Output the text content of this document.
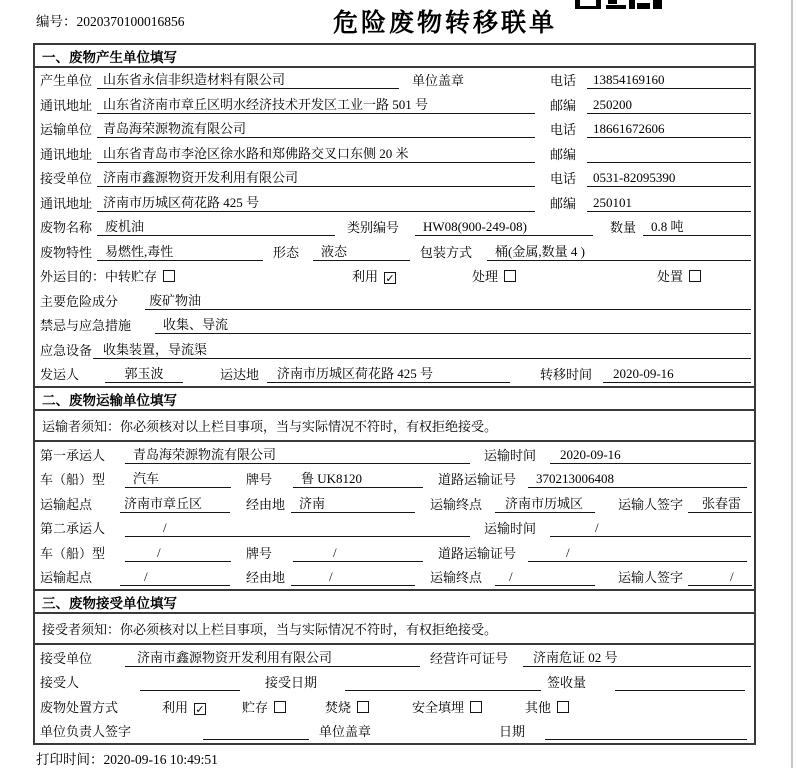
编号：2020370100016856	危险废物转移联单
一、废物产生单位填写
产生单位 山东省永信非织造材料有限公司	单位盖章	电话	13854169160
通讯地址 山东省济南市章丘区明水经济技术开发区工业一路 501 号	邮编	250200
运输单位 青岛海荣源物流有限公司	电话	18661672606
通讯地址 山东省青岛市李沧区徐水路和郑佛路交叉口东侧 20 米	邮编
接受单位 济南市鑫源物资开发利用有限公司	电话	0531-82095390
通讯地址 济南市历城区荷花路 425 号	邮编	250101
废物名称 废机油	类别编号	HW08(900-249-08)	数量	0.8 吨
废物特性 易燃性,毒性	形态	液态	包装方式	桶(金属,数量 4 )
外运目的： 中转贮存	利用 ✓	处理	处置
主要危险成分	废矿物油
禁忌与应急措施	收集、导流
应急设备 收集装置，导流渠
发运人	郭玉波	运达地	济南市历城区荷花路 425 号	转移时间	2020-09-16
二、废物运输单位填写
运输者须知：你必须核对以上栏目事项，当与实际情况不符时，有权拒绝接受。
第一承运人	青岛海荣源物流有限公司	运输时间	2020-09-16
车（船）型	汽车	牌号	鲁 UK8120	道路运输证号	370213006408
运输起点	济南市章丘区	经由地	济南	运输终点	济南市历城区	运输人签字	张春雷
第二承运人	/	运输时间	/
车（船）型	/	牌号	/	道路运输证号	/
运输起点	/	经由地	/	运输终点	/	运输人签字	/
三、废物接受单位填写
接受者须知：你必须核对以上栏目事项，当与实际情况不符时，有权拒绝接受。
接受单位	济南市鑫源物资开发利用有限公司	经营许可证号	济南危证 02 号
接受人	接受日期	签收量
废物处置方式	利用 ✓	贮存	焚烧	安全填埋	其他
单位负责人签字	单位盖章	日期
打印时间：2020-09-16 10:49:51
